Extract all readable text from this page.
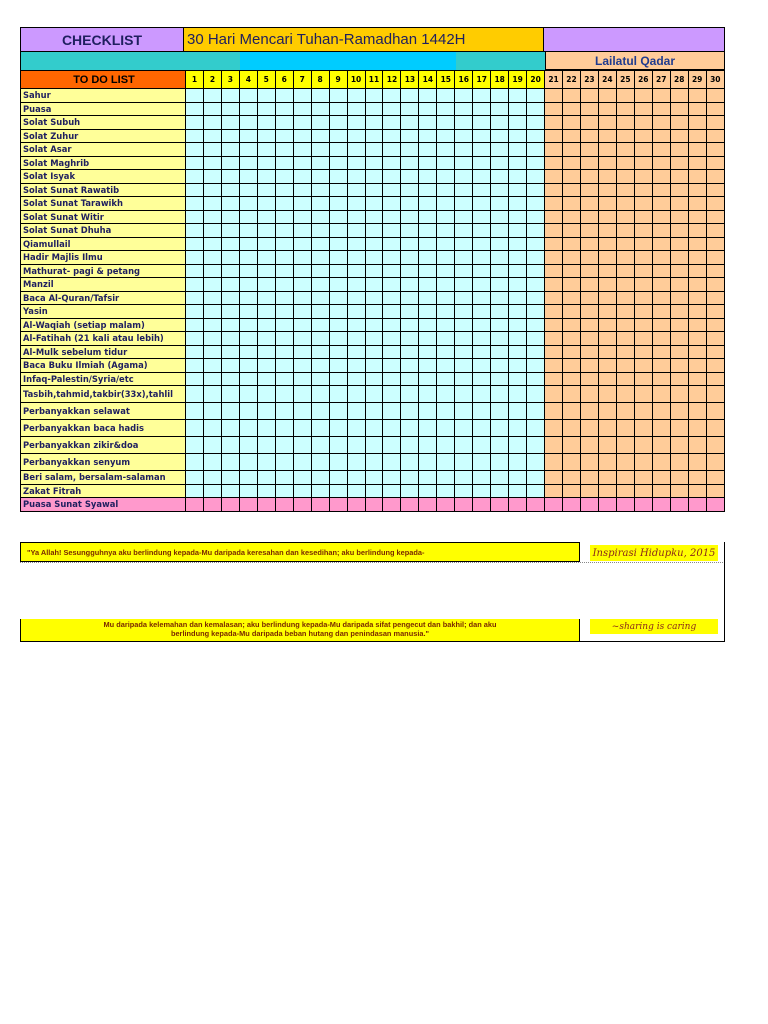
CHECKLIST	30 Hari Mencari Tuhan-Ramadhan 1442H
Lailatul Qadar
TO DO LIST	1	2	3	4	5	6	7	8	9	10	11	12	13	14	15	16	17	18	19	20	21	22	23	24	25	26	27	28	29	30
Sahur																														
Puasa																														
Solat Subuh																														
Solat Zuhur																														
Solat Asar																														
Solat Maghrib																														
Solat Isyak																														
Solat Sunat Rawatib																														
Solat Sunat Tarawikh																														
Solat Sunat Witir																														
Solat Sunat Dhuha																														
Qiamullail																														
Hadir Majlis Ilmu																														
Mathurat- pagi & petang																														
Manzil																														
Baca Al-Quran/Tafsir																														
Yasin																														
Al-Waqiah (setiap malam)																														
Al-Fatihah (21 kali atau lebih)																														
Al-Mulk sebelum tidur																														
Baca Buku Ilmiah (Agama)																														
Infaq-Palestin/Syria/etc																														
Tasbih,tahmid,takbir(33x),tahlil																														
Perbanyakkan selawat																														
Perbanyakkan baca hadis																														
Perbanyakkan zikir&doa																														
Perbanyakkan senyum																														
Beri salam, bersalam-salaman																														
Zakat Fitrah																														
Puasa Sunat Syawal																														
"Ya Allah! Sesungguhnya aku berlindung kepada-Mu daripada keresahan dan kesedihan; aku berlindung kepada-	Inspirasi Hidupku, 2015
Mu daripada kelemahan dan kemalasan; aku berlindung kepada-Mu daripada sifat pengecut dan bakhil; dan aku
berlindung kepada-Mu daripada beban hutang dan penindasan manusia."
~sharing is caring
